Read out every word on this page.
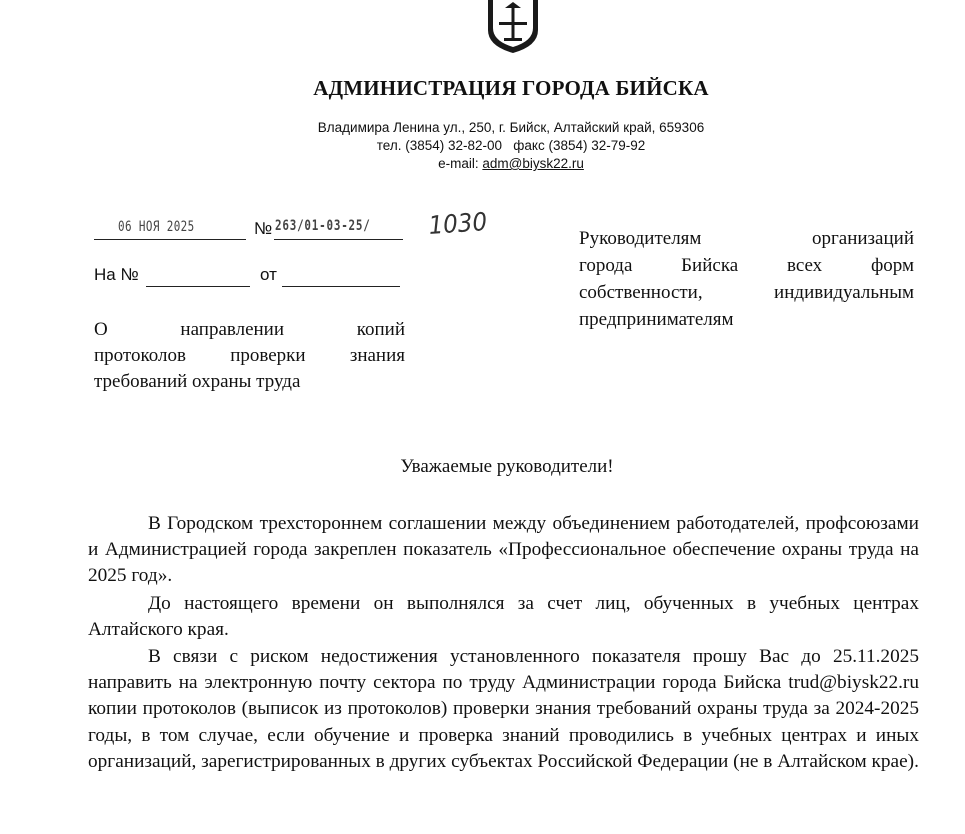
АДМИНИСТРАЦИЯ ГОРОДА БИЙСКА
Владимира Ленина ул., 250, г. Бийск, Алтайский край, 659306
тел. (3854) 32-82-00   факс (3854) 32-79-92
e-mail: adm@biysk22.ru
06 НОЯ 2025	№ 263/01-03-25/ 1030
На №	от
О направлении копий
протоколов проверки знания требований охраны труда
Руководителям организаций
города Бийска всех форм
собственности, индивидуальным
предпринимателям
Уважаемые руководители!

В Городском трехстороннем соглашении между объединением работодателей, профсоюзами и Администрацией города закреплен показатель «Профессиональное обеспечение охраны труда на 2025 год».

До настоящего времени он выполнялся за счет лиц, обученных в учебных центрах Алтайского края.

В связи с риском недостижения установленного показателя прошу Вас до 25.11.2025 направить на электронную почту сектора по труду Администрации города Бийска trud@biysk22.ru копии протоколов (выписок из протоколов) проверки знания требований охраны труда за 2024-2025 годы, в том случае, если обучение и проверка знаний проводились в учебных центрах и иных организаций, зарегистрированных в других субъектах Российской Федерации (не в Алтайском крае).
